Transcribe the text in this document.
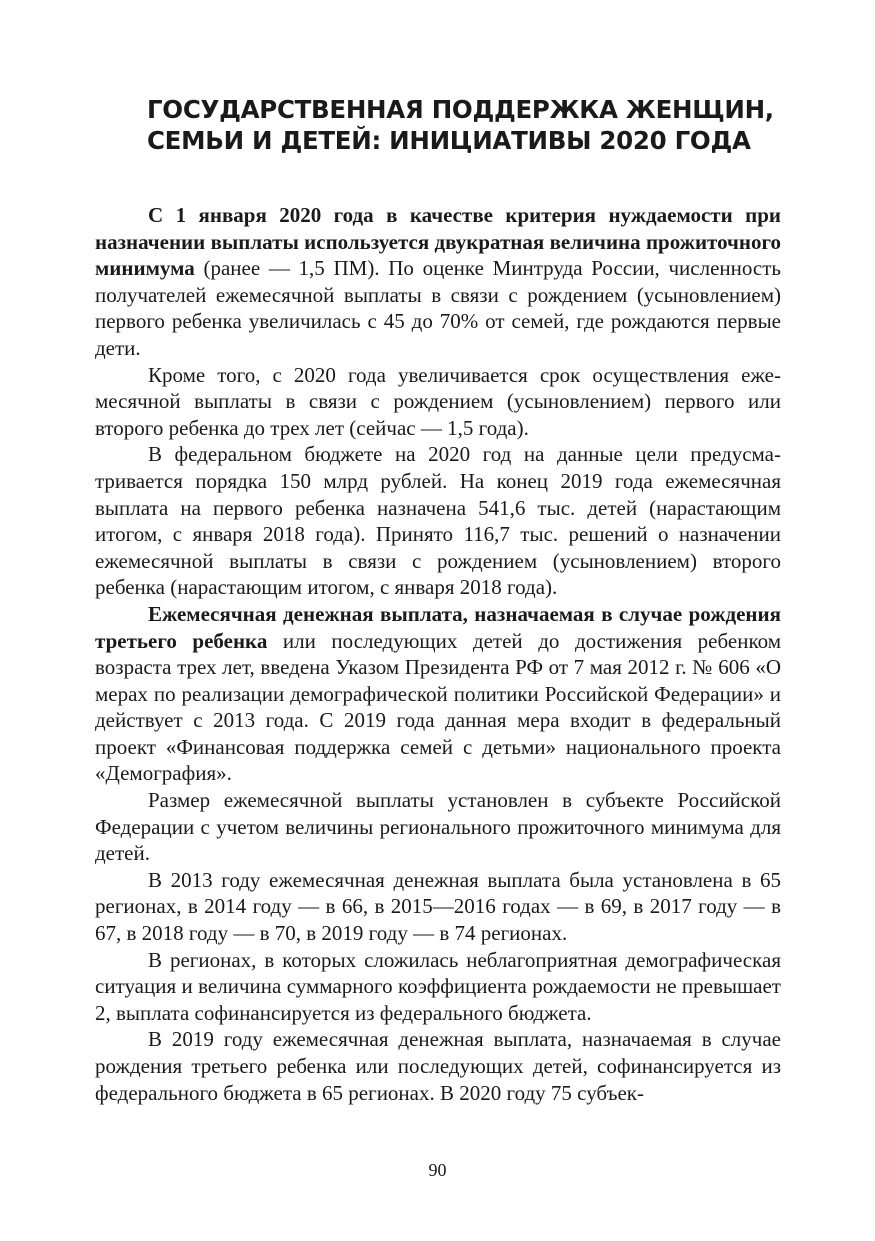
ГОСУДАРСТВЕННАЯ ПОДДЕРЖКА ЖЕНЩИН,
СЕМЬИ И ДЕТЕЙ: ИНИЦИАТИВЫ 2020 ГОДА

С 1 января 2020 года в качестве критерия нуждаемости при назначении выплаты используется двукратная величина прожиточного минимума (ранее — 1,5 ПМ). По оценке Минтруда России, численность получателей ежемесячной выплаты в связи с рождением (усыновлением) первого ребенка увеличилась с 45 до 70% от семей, где рождаются первые дети.

Кроме того, с 2020 года увеличивается срок осуществления ежемесячной выплаты в связи с рождением (усыновлением) первого или второго ребенка до трех лет (сейчас — 1,5 года).

В федеральном бюджете на 2020 год на данные цели предусматривается порядка 150 млрд рублей. На конец 2019 года ежемесячная выплата на первого ребенка назначена 541,6 тыс. детей (нарастающим итогом, с января 2018 года). Принято 116,7 тыс. решений о назначении ежемесячной выплаты в связи с рождением (усыновлением) второго ребенка (нарастающим итогом, с января 2018 года).

Ежемесячная денежная выплата, назначаемая в случае рождения третьего ребенка или последующих детей до достижения ребенком возраста трех лет, введена Указом Президента РФ от 7 мая 2012 г. № 606 «О мерах по реализации демографической политики Российской Федерации» и действует с 2013 года. С 2019 года данная мера входит в федеральный проект «Финансовая поддержка семей с детьми» национального проекта «Демография».

Размер ежемесячной выплаты установлен в субъекте Российской Федерации с учетом величины регионального прожиточного минимума для детей.

В 2013 году ежемесячная денежная выплата была установлена в 65 регионах, в 2014 году — в 66, в 2015—2016 годах — в 69, в 2017 году — в 67, в 2018 году — в 70, в 2019 году — в 74 регионах.

В регионах, в которых сложилась неблагоприятная демографическая ситуация и величина суммарного коэффициента рождаемости не превышает 2, выплата софинансируется из федерального бюджета.

В 2019 году ежемесячная денежная выплата, назначаемая в случае рождения третьего ребенка или последующих детей, софинансируется из федерального бюджета в 65 регионах. В 2020 году 75 субъек-

90
